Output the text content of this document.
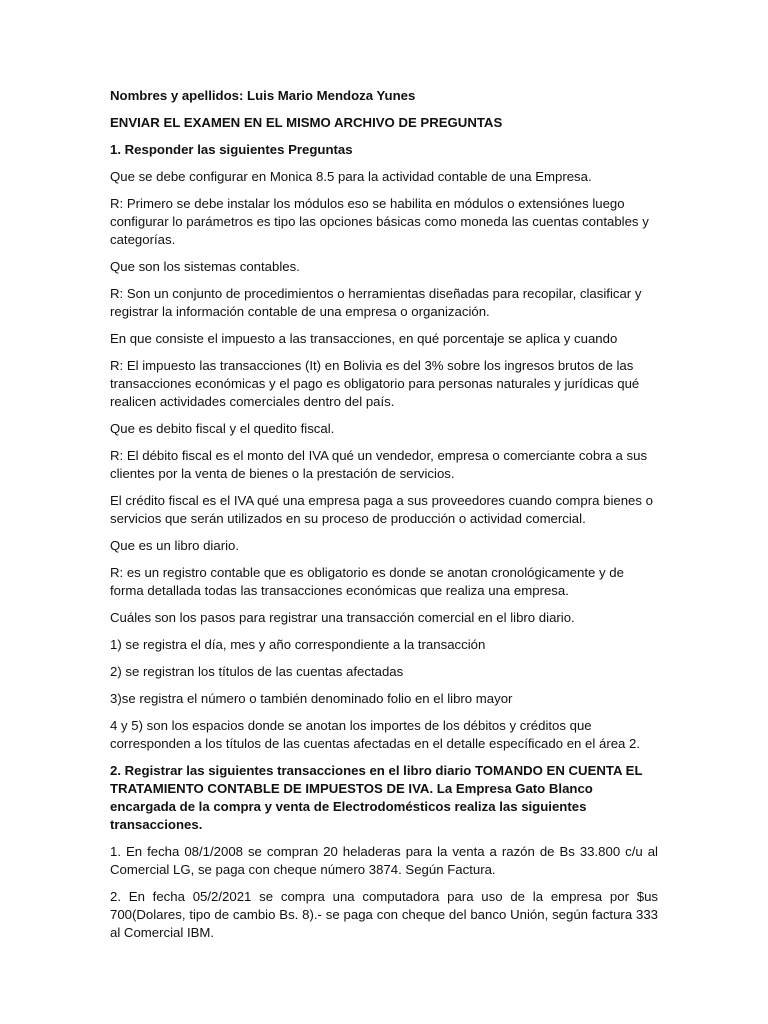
Nombres y apellidos: Luis Mario Mendoza Yunes

ENVIAR EL EXAMEN EN EL MISMO ARCHIVO DE PREGUNTAS

1. Responder las siguientes Preguntas

Que se debe configurar en Monica 8.5 para la actividad contable de una Empresa.

R: Primero se debe instalar los módulos eso se habilita en módulos o extensiónes luego configurar lo parámetros es tipo las opciones básicas como moneda las cuentas contables y categorías.

Que son los sistemas contables.

R: Son un conjunto de procedimientos o herramientas diseñadas para recopilar, clasificar y registrar la información contable de una empresa o organización.

En que consiste el impuesto a las transacciones, en qué porcentaje se aplica y cuando

R: El impuesto las transacciones (It) en Bolivia es del 3% sobre los ingresos brutos de las transacciones económicas y el pago es obligatorio para personas naturales y jurídicas qué realicen actividades comerciales dentro del país.

Que es debito fiscal y el quedito fiscal.

R: El débito fiscal es el monto del IVA qué un vendedor, empresa o comerciante cobra a sus clientes por la venta de bienes o la prestación de servicios.

El crédito fiscal es el IVA qué una empresa paga a sus proveedores cuando compra bienes o servicios que serán utilizados en su proceso de producción o actividad comercial.

Que es un libro diario.

R: es un registro contable que es obligatorio es donde se anotan cronológicamente y de forma detallada todas las transacciones económicas que realiza una empresa.

Cuáles son los pasos para registrar una transacción comercial en el libro diario.

1) se registra el día, mes y año correspondiente a la transacción

2) se registran los títulos de las cuentas afectadas

3)se registra el número o también denominado folio en el libro mayor

4 y 5) son los espacios donde se anotan los importes de los débitos y créditos que corresponden a los títulos de las cuentas afectadas en el detalle específicado en el área 2.

2. Registrar las siguientes transacciones en el libro diario TOMANDO EN CUENTA EL TRATAMIENTO CONTABLE DE IMPUESTOS DE IVA. La Empresa Gato Blanco encargada de la compra y venta de Electrodomésticos realiza las siguientes transacciones.

1. En fecha 08/1/2008 se compran 20 heladeras para la venta a razón de Bs 33.800 c/u al Comercial LG, se paga con cheque número 3874. Según Factura.

2. En fecha 05/2/2021 se compra una computadora para uso de la empresa por $us 700(Dolares, tipo de cambio Bs. 8).- se paga con cheque del banco Unión, según factura 333 al Comercial IBM.
